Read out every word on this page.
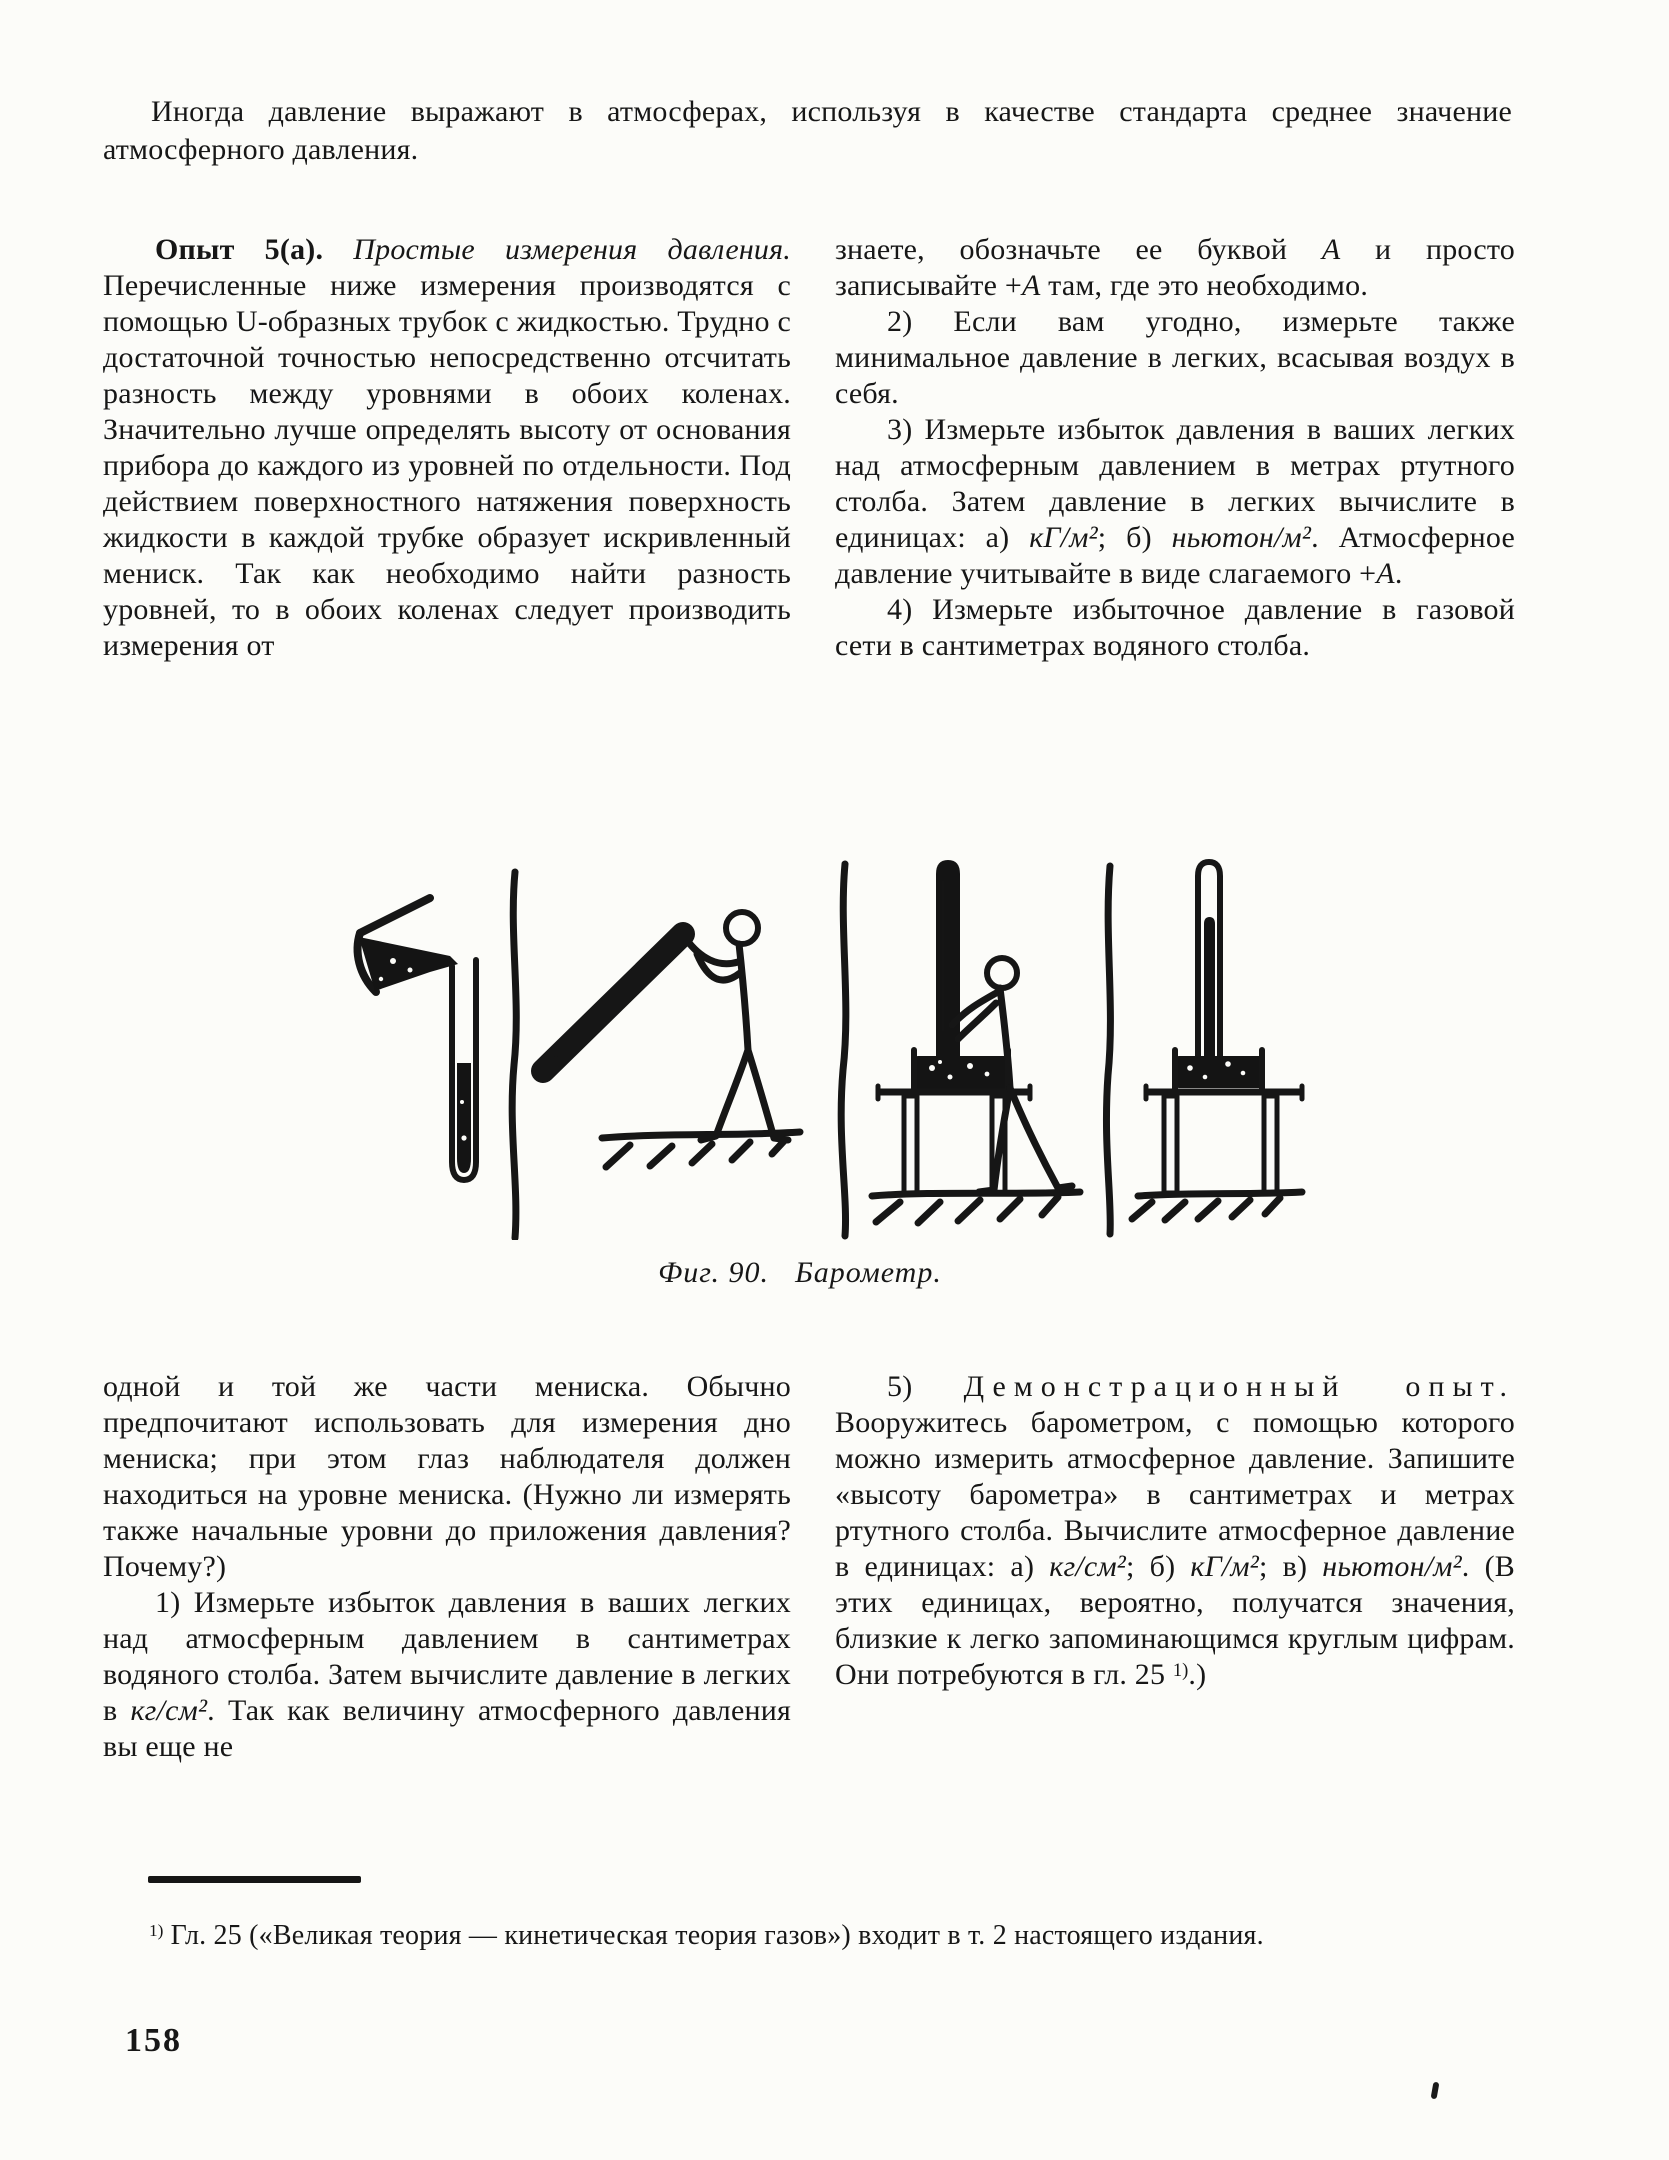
Иногда давление выражают в атмосферах, используя в качестве стандарта среднее значение атмосферного давления.

Опыт 5(а). Простые измерения давления. Перечисленные ниже измерения производятся с помощью U-образных трубок с жидкостью. Трудно с достаточной точностью непосредственно отсчитать разность между уровнями в обоих коленах. Значительно лучше определять высоту от основания прибора до каждого из уровней по отдельности. Под действием поверхностного натяжения поверхность жидкости в каждой трубке образует искривленный мениск. Так как необходимо найти разность уровней, то в обоих коленах следует производить измерения от

знаете, обозначьте ее буквой А и просто записывайте +А там, где это необходимо.

2) Если вам угодно, измерьте также минимальное давление в легких, всасывая воздух в себя.

3) Измерьте избыток давления в ваших легких над атмосферным давлением в метрах ртутного столба. Затем давление в легких вычислите в единицах: а) кГ/м²; б) ньютон/м². Атмосферное давление учитывайте в виде слагаемого +А.

4) Измерьте избыточное давление в газовой сети в сантиметрах водяного столба.

Фиг. 90. Барометр.

одной и той же части мениска. Обычно предпочитают использовать для измерения дно мениска; при этом глаз наблюдателя должен находиться на уровне мениска. (Нужно ли измерять также начальные уровни до приложения давления? Почему?)

1) Измерьте избыток давления в ваших легких над атмосферным давлением в сантиметрах водяного столба. Затем вычислите давление в легких в кг/см². Так как величину атмосферного давления вы еще не

5) Демонстрационный опыт. Вооружитесь барометром, с помощью которого можно измерить атмосферное давление. Запишите «высоту барометра» в сантиметрах и метрах ртутного столба. Вычислите атмосферное давление в единицах: а) кг/см²; б) кГ/м²; в) ньютон/м². (В этих единицах, вероятно, получатся значения, близкие к легко запоминающимся круглым цифрам. Они потребуются в гл. 25 $^{1)}$.)

$^{1)}$ Гл. 25 («Великая теория — кинетическая теория газов») входит в т. 2 настоящего издания.

158
